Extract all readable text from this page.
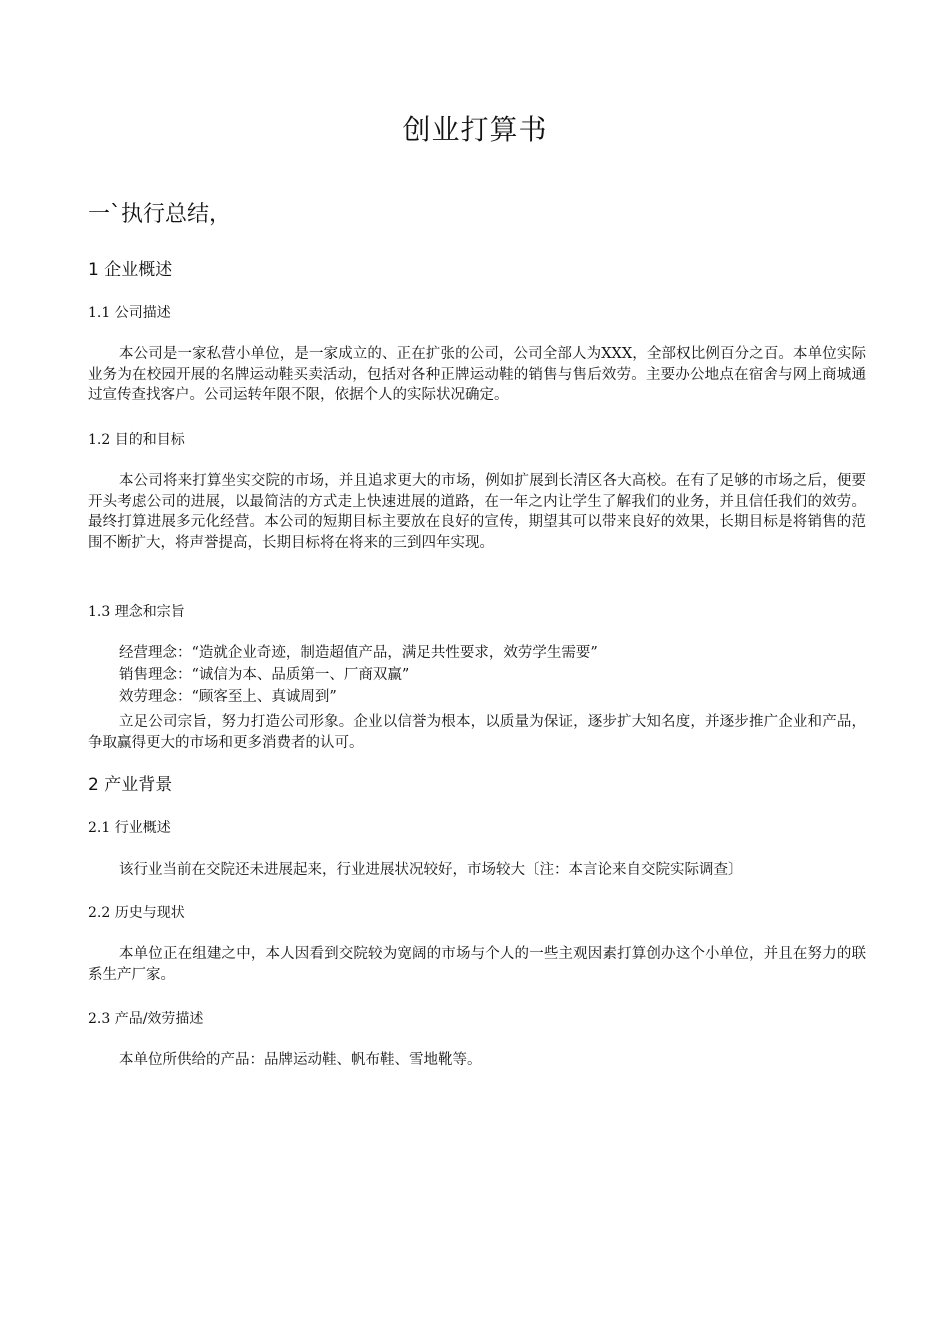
创业打算书
一`执行总结，
1 企业概述
1.1 公司描述

本公司是一家私营小单位，是一家成立的、正在扩张的公司，公司全部人为XXX，全部权比例百分之百。本单位实际业务为在校园开展的名牌运动鞋买卖活动，包括对各种正牌运动鞋的销售与售后效劳。主要办公地点在宿舍与网上商城通过宣传查找客户。公司运转年限不限，依据个人的实际状况确定。

1.2 目的和目标

本公司将来打算坐实交院的市场，并且追求更大的市场，例如扩展到长清区各大高校。在有了足够的市场之后，便要开头考虑公司的进展，以最简洁的方式走上快速进展的道路，在一年之内让学生了解我们的业务，并且信任我们的效劳。最终打算进展多元化经营。本公司的短期目标主要放在良好的宣传，期望其可以带来良好的效果，长期目标是将销售的范围不断扩大，将声誉提高，长期目标将在将来的三到四年实现。

1.3 理念和宗旨
经营理念：“造就企业奇迹，制造超值产品，满足共性要求，效劳学生需要”
销售理念：“诚信为本、品质第一、厂商双赢”
效劳理念：“顾客至上、真诚周到”

立足公司宗旨，努力打造公司形象。企业以信誉为根本，以质量为保证，逐步扩大知名度，并逐步推广企业和产品，争取赢得更大的市场和更多消费者的认可。

2 产业背景
2.1 行业概述

该行业当前在交院还未进展起来，行业进展状况较好，市场较大〔注：本言论来自交院实际调查〕

2.2 历史与现状

本单位正在组建之中，本人因看到交院较为宽阔的市场与个人的一些主观因素打算创办这个小单位，并且在努力的联系生产厂家。

2.3 产品/效劳描述

本单位所供给的产品：品牌运动鞋、帆布鞋、雪地靴等。
